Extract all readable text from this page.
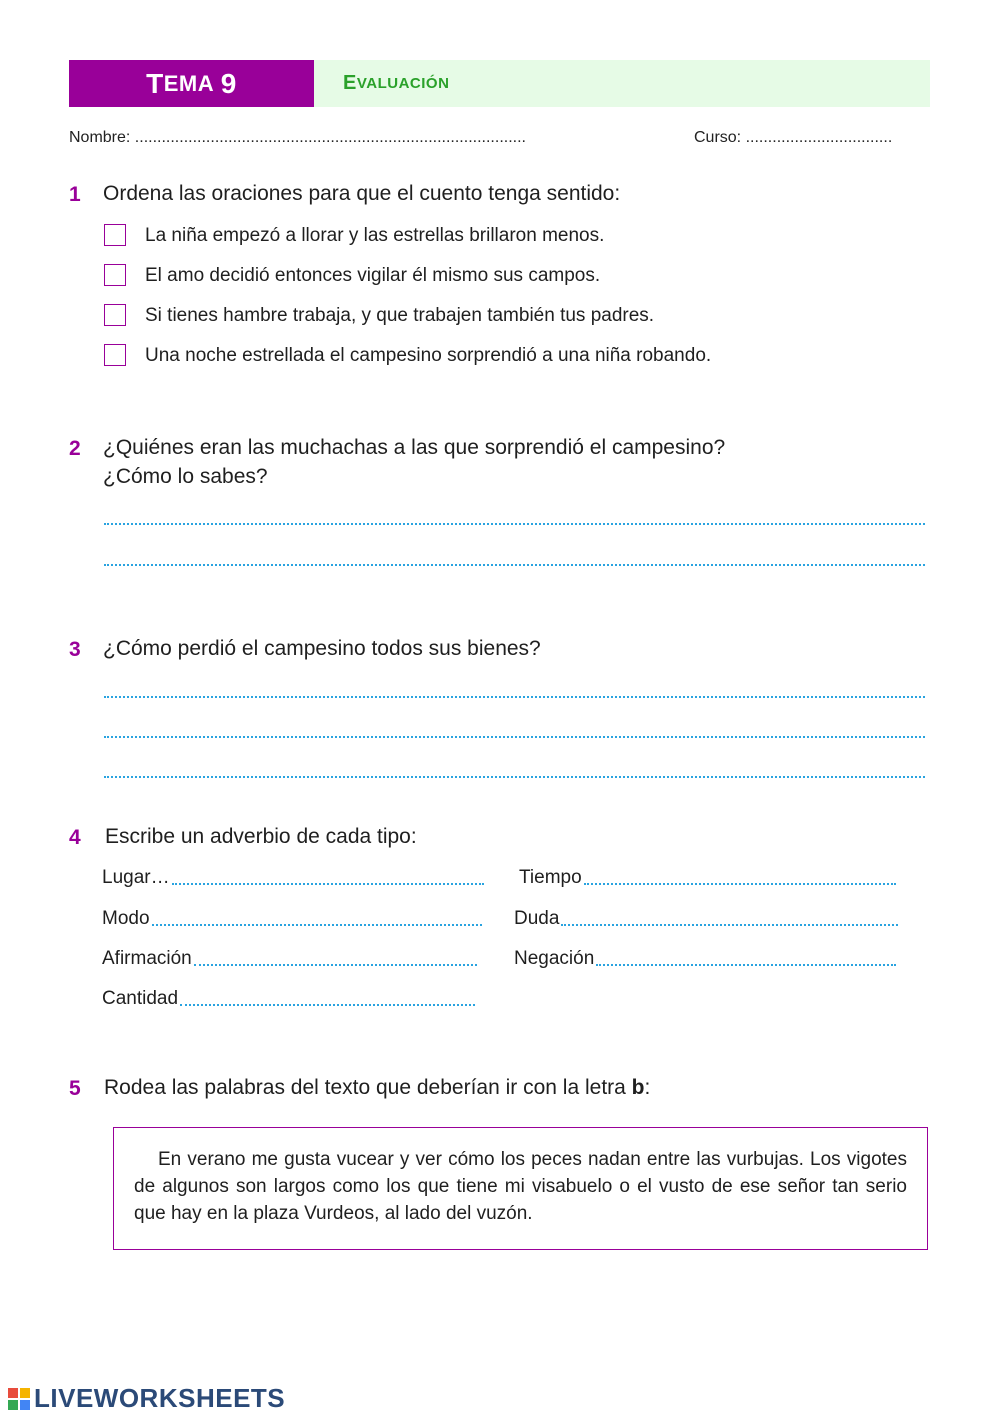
T EMA
9	E VALUACIÓN
Nombre: ........................................................................................	Curso: .................................
1 Ordena las oraciones para que el cuento tenga sentido:
La niña empezó a llorar y las estrellas brillaron menos.
El amo decidió entonces vigilar él mismo sus campos.
Si tienes hambre trabaja, y que trabajen también tus padres.
Una noche estrellada el campesino sorprendió a una niña robando.
2 ¿Quiénes eran las muchachas a las que sorprendió el campesino?
¿Cómo lo sabes?
3 ¿Cómo perdió el campesino todos sus bienes?
4 Escribe un adverbio de cada tipo:
Lugar…	Tiempo
Modo	Duda
Afirmación	Negación
Cantidad
5 Rodea las palabras del texto que deberían ir con la letra b:
En verano me gusta vucear y ver cómo los peces nadan entre las vurbujas. Los vigotes de algunos son largos como los que tiene mi visabuelo o el vusto de ese señor tan serio que hay en la plaza Vurdeos, al lado del vuzón.
LIVEWORKSHEETS
